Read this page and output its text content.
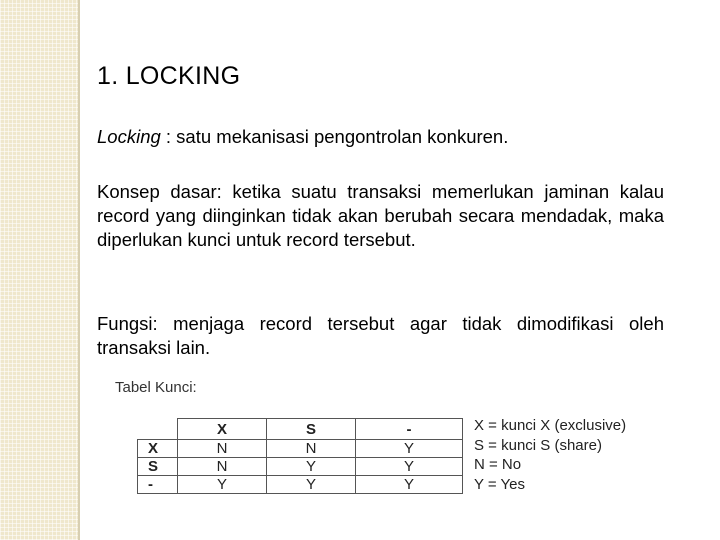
1. LOCKING
Locking : satu mekanisasi pengontrolan konkuren.
Konsep dasar: ketika suatu transaksi memerlukan jaminan kalau record yang diinginkan tidak akan berubah secara mendadak, maka diperlukan kunci untuk record tersebut.
Fungsi: menjaga record tersebut agar tidak dimodifikasi oleh transaksi lain.
Tabel Kunci:
	X	S	-
X	N	N	Y
S	N	Y	Y
-	Y	Y	Y
X = kunci X (exclusive)
S = kunci S (share)
N = No
Y = Yes
